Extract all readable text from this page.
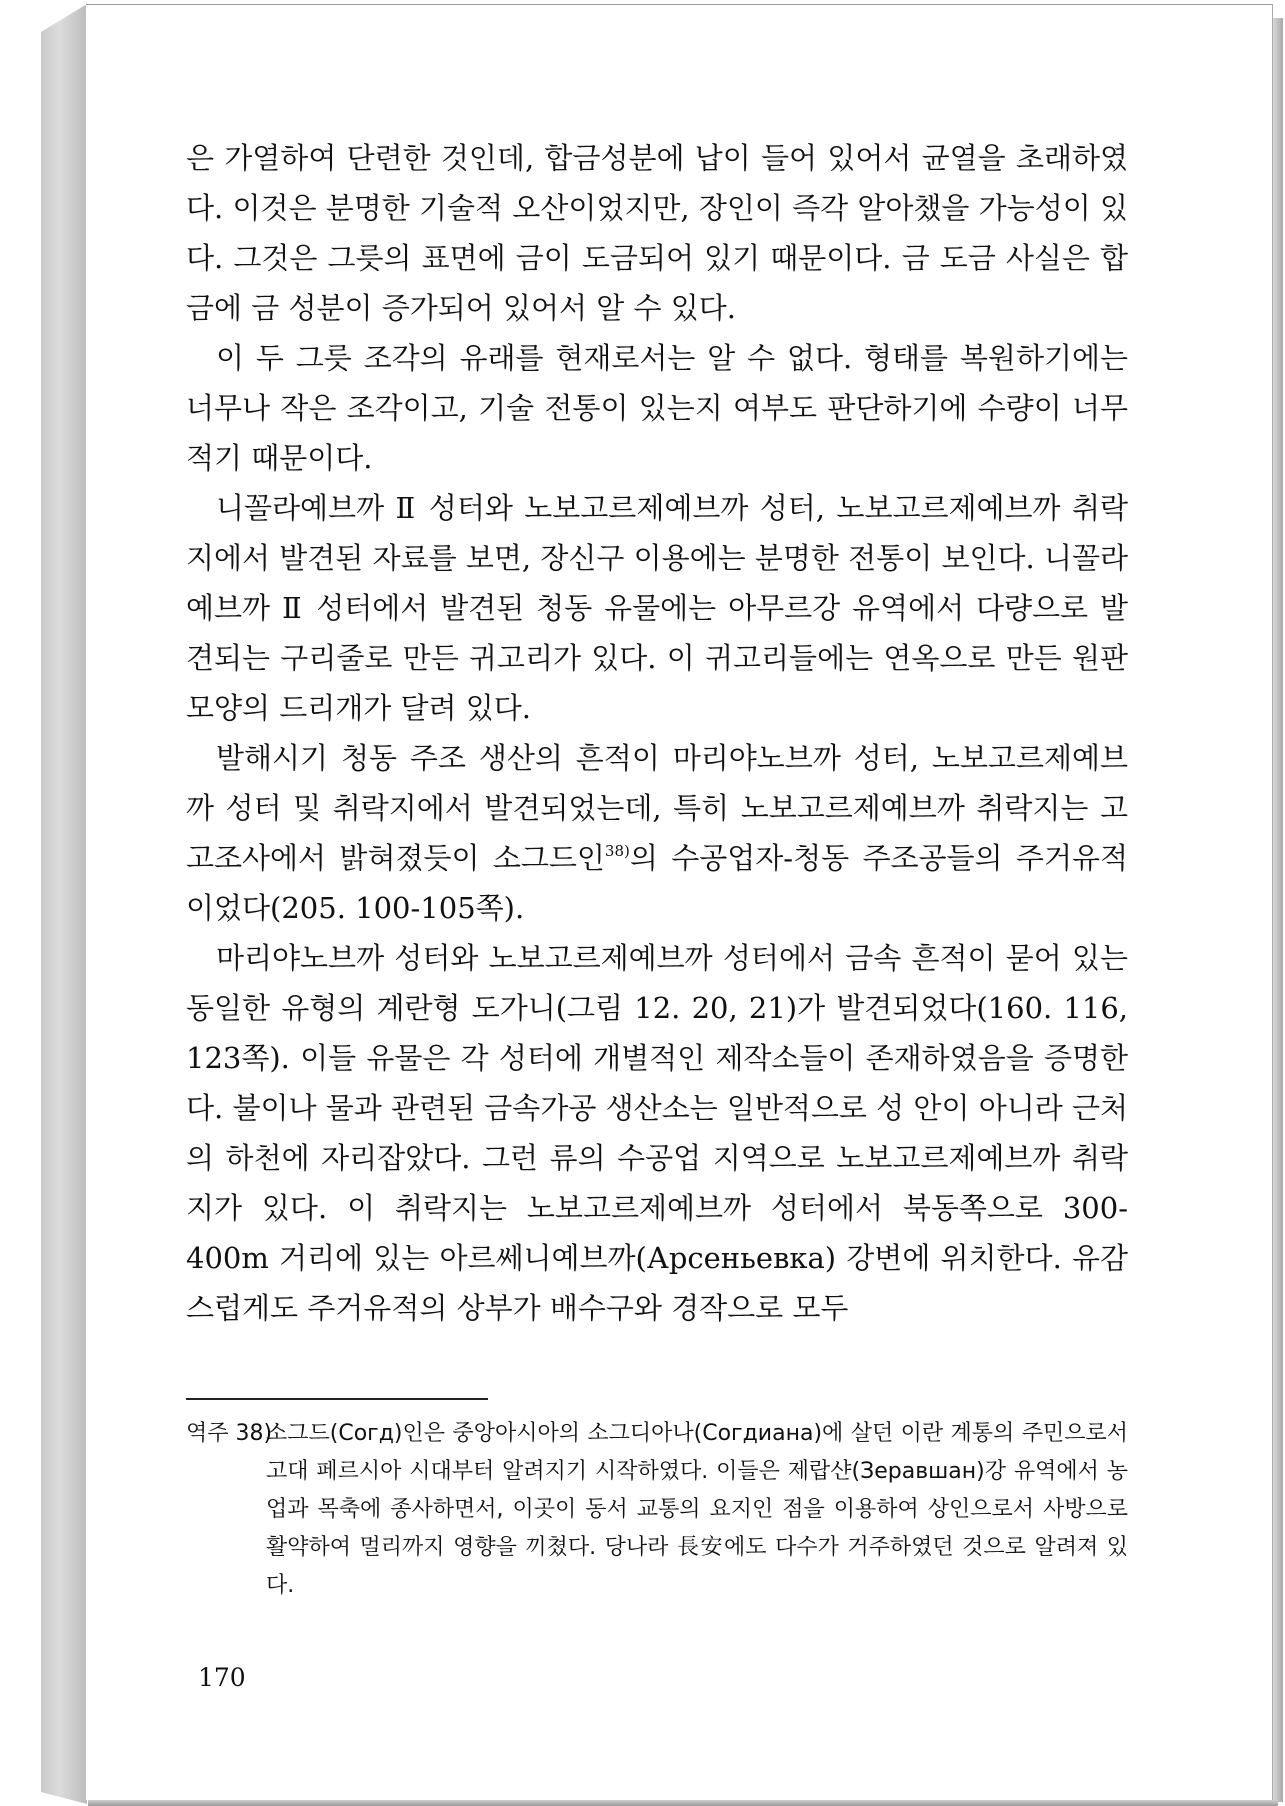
은 가열하여 단련한 것인데, 합금성분에 납이 들어 있어서 균열을 초래하였다. 이것은 분명한 기술적 오산이었지만, 장인이 즉각 알아챘을 가능성이 있다. 그것은 그릇의 표면에 금이 도금되어 있기 때문이다. 금 도금 사실은 합금에 금 성분이 증가되어 있어서 알 수 있다.

이 두 그릇 조각의 유래를 현재로서는 알 수 없다. 형태를 복원하기에는 너무나 작은 조각이고, 기술 전통이 있는지 여부도 판단하기에 수량이 너무 적기 때문이다.

니꼴라예브까 Ⅱ 성터와 노보고르제예브까 성터, 노보고르제예브까 취락지에서 발견된 자료를 보면, 장신구 이용에는 분명한 전통이 보인다. 니꼴라예브까 Ⅱ 성터에서 발견된 청동 유물에는 아무르강 유역에서 다량으로 발견되는 구리줄로 만든 귀고리가 있다. 이 귀고리들에는 연옥으로 만든 원판 모양의 드리개가 달려 있다.

발해시기 청동 주조 생산의 흔적이 마리야노브까 성터, 노보고르제예브까 성터 및 취락지에서 발견되었는데, 특히 노보고르제예브까 취락지는 고고조사에서 밝혀졌듯이 소그드인$^{38)}$의 수공업자-청동 주조공들의 주거유적이었다(205. 100-105쪽).

마리야노브까 성터와 노보고르제예브까 성터에서 금속 흔적이 묻어 있는 동일한 유형의 계란형 도가니(그림 12. 20, 21)가 발견되었다(160. 116, 123쪽). 이들 유물은 각 성터에 개별적인 제작소들이 존재하였음을 증명한다. 불이나 물과 관련된 금속가공 생산소는 일반적으로 성 안이 아니라 근처의 하천에 자리잡았다. 그런 류의 수공업 지역으로 노보고르제예브까 취락지가 있다. 이 취락지는 노보고르제예브까 성터에서 북동쪽으로 300-400m 거리에 있는 아르쎄니예브까(Арсеньевка) 강변에 위치한다. 유감스럽게도 주거유적의 상부가 배수구와 경작으로 모두

역주 38)
소그드(Согд)인은 중앙아시아의 소그디아나(Согдиана)에 살던 이란 계통의 주민으로서 고대 페르시아 시대부터 알려지기 시작하였다. 이들은 제랍샨(Зеравшан)강 유역에서 농업과 목축에 종사하면서, 이곳이 동서 교통의 요지인 점을 이용하여 상인으로서 사방으로 활약하여 멀리까지 영향을 끼쳤다. 당나라 長安에도 다수가 거주하였던 것으로 알려져 있다.
170
